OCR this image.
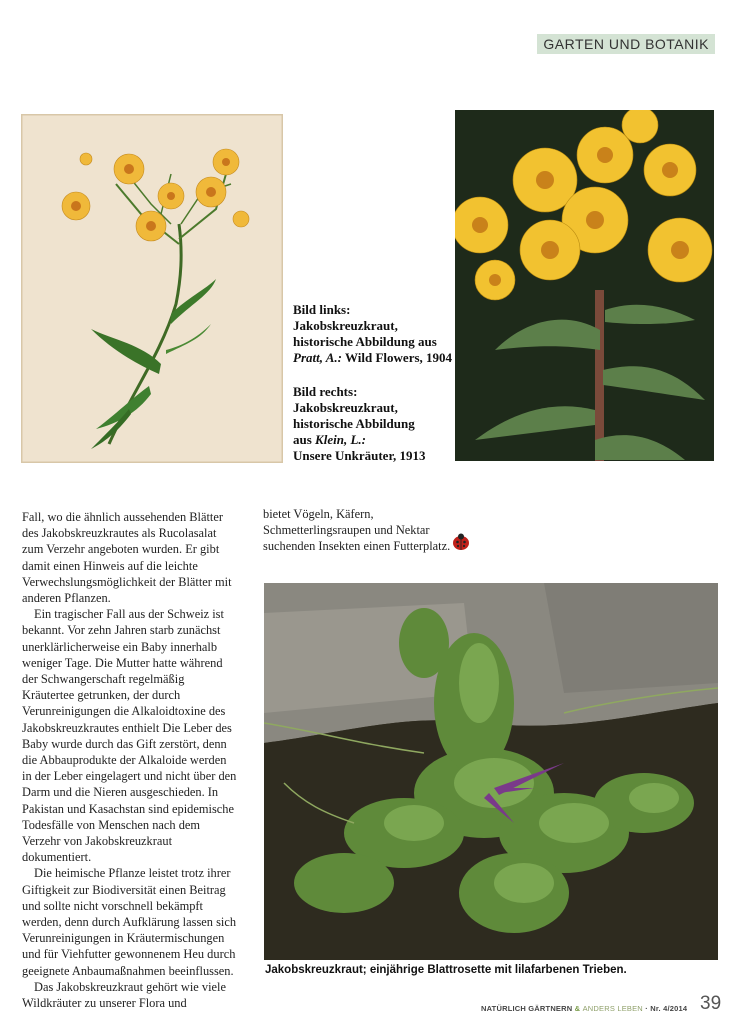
GARTEN UND BOTANIK
Bild links:
Jakobskreuzkraut,
historische Abbildung aus
Pratt, A.: Wild Flowers, 1904
Bild rechts:
Jakobskreuzkraut,
historische Abbildung
aus Klein, L.:
Unsere Unkräuter, 1913

Fall, wo die ähnlich aussehenden Blätter des Jakobskreuzkrautes als Rucolasalat zum Verzehr angeboten wurden. Er gibt damit einen Hinweis auf die leichte Verwechslungsmöglichkeit der Blätter mit anderen Pflanzen.

Ein tragischer Fall aus der Schweiz ist bekannt. Vor zehn Jahren starb zunächst unerklärlicherweise ein Baby innerhalb weniger Tage. Die Mutter hatte während der Schwangerschaft regelmäßig Kräutertee getrunken, der durch Verunreinigungen die Alkaloidtoxine des Jakobskreuzkrautes enthielt Die Leber des Baby wurde durch das Gift zerstört, denn die Abbauprodukte der Alkaloide werden in der Leber eingelagert und nicht über den Darm und die Nieren ausgeschieden. In Pakistan und Kasachstan sind epidemische Todesfälle von Menschen nach dem Verzehr von Jakobskreuzkraut dokumentiert.

Die heimische Pflanze leistet trotz ihrer Giftigkeit zur Biodiversität einen Beitrag und sollte nicht vorschnell bekämpft werden, denn durch Aufklärung lassen sich Verunreinigungen in Kräutermischungen und für Viehfutter gewonnenem Heu durch geeignete Anbaumaßnahmen beeinflussen.

Das Jakobskreuzkraut gehört wie viele Wildkräuter zu unserer Flora und

bietet Vögeln, Käfern, Schmetterlingsraupen und Nektar suchenden Insekten einen Futterplatz.

Jakobskreuzkraut; einjährige Blattrosette mit lilafarbenen Trieben.
NATÜRLICH GÄRTNERN & ANDERS LEBEN · Nr. 4/2014 39
